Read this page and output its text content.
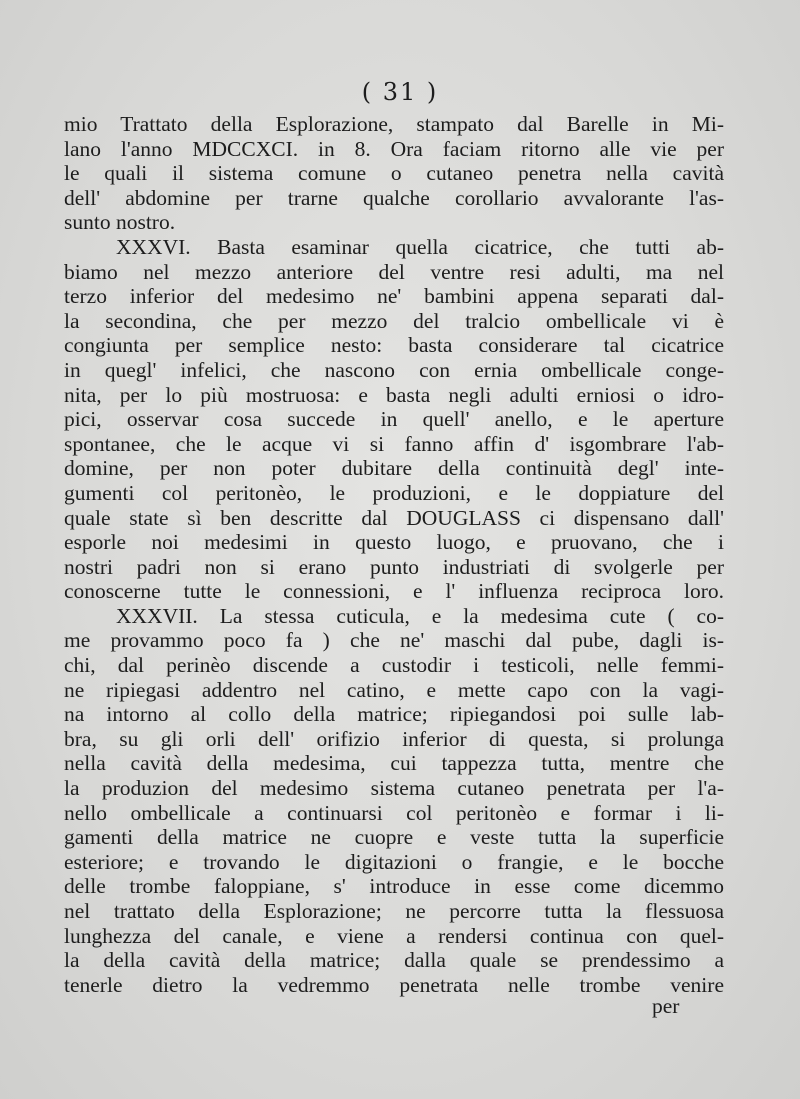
( 31 )
mio Trattato della Esplorazione, stampato dal Barelle in Mi-
lano l'anno MDCCXCI. in 8. Ora faciam ritorno alle vie per
le quali il sistema comune o cutaneo penetra nella cavità
dell' abdomine per trarne qualche corollario avvalorante l'as-
sunto nostro.
XXXVI. Basta esaminar quella cicatrice, che tutti ab-
biamo nel mezzo anteriore del ventre resi adulti, ma nel
terzo inferior del medesimo ne' bambini appena separati dal-
la secondina, che per mezzo del tralcio ombellicale vi è
congiunta per semplice nesto: basta considerare tal cicatrice
in quegl' infelici, che nascono con ernia ombellicale conge-
nita, per lo più mostruosa: e basta negli adulti erniosi o idro-
pici, osservar cosa succede in quell' anello, e le aperture
spontanee, che le acque vi si fanno affin d' isgombrare l'ab-
domine, per non poter dubitare della continuità degl' inte-
gumenti col peritonèo, le produzioni, e le doppiature del
quale state sì ben descritte dal DOUGLASS ci dispensano dall'
esporle noi medesimi in questo luogo, e pruovano, che i
nostri padri non si erano punto industriati di svolgerle per
conoscerne tutte le connessioni, e l' influenza reciproca loro.
XXXVII. La stessa cuticula, e la medesima cute ( co-
me provammo poco fa ) che ne' maschi dal pube, dagli is-
chi, dal perinèo discende a custodir i testicoli, nelle femmi-
ne ripiegasi addentro nel catino, e mette capo con la vagi-
na intorno al collo della matrice; ripiegandosi poi sulle lab-
bra, su gli orli dell' orifizio inferior di questa, si prolunga
nella cavità della medesima, cui tappezza tutta, mentre che
la produzion del medesimo sistema cutaneo penetrata per l'a-
nello ombellicale a continuarsi col peritonèo e formar i li-
gamenti della matrice ne cuopre e veste tutta la superficie
esteriore; e trovando le digitazioni o frangie, e le bocche
delle trombe faloppiane, s' introduce in esse come dicemmo
nel trattato della Esplorazione; ne percorre tutta la flessuosa
lunghezza del canale, e viene a rendersi continua con quel-
la della cavità della matrice; dalla quale se prendessimo a
tenerle dietro la vedremmo penetrata nelle trombe venire
per
